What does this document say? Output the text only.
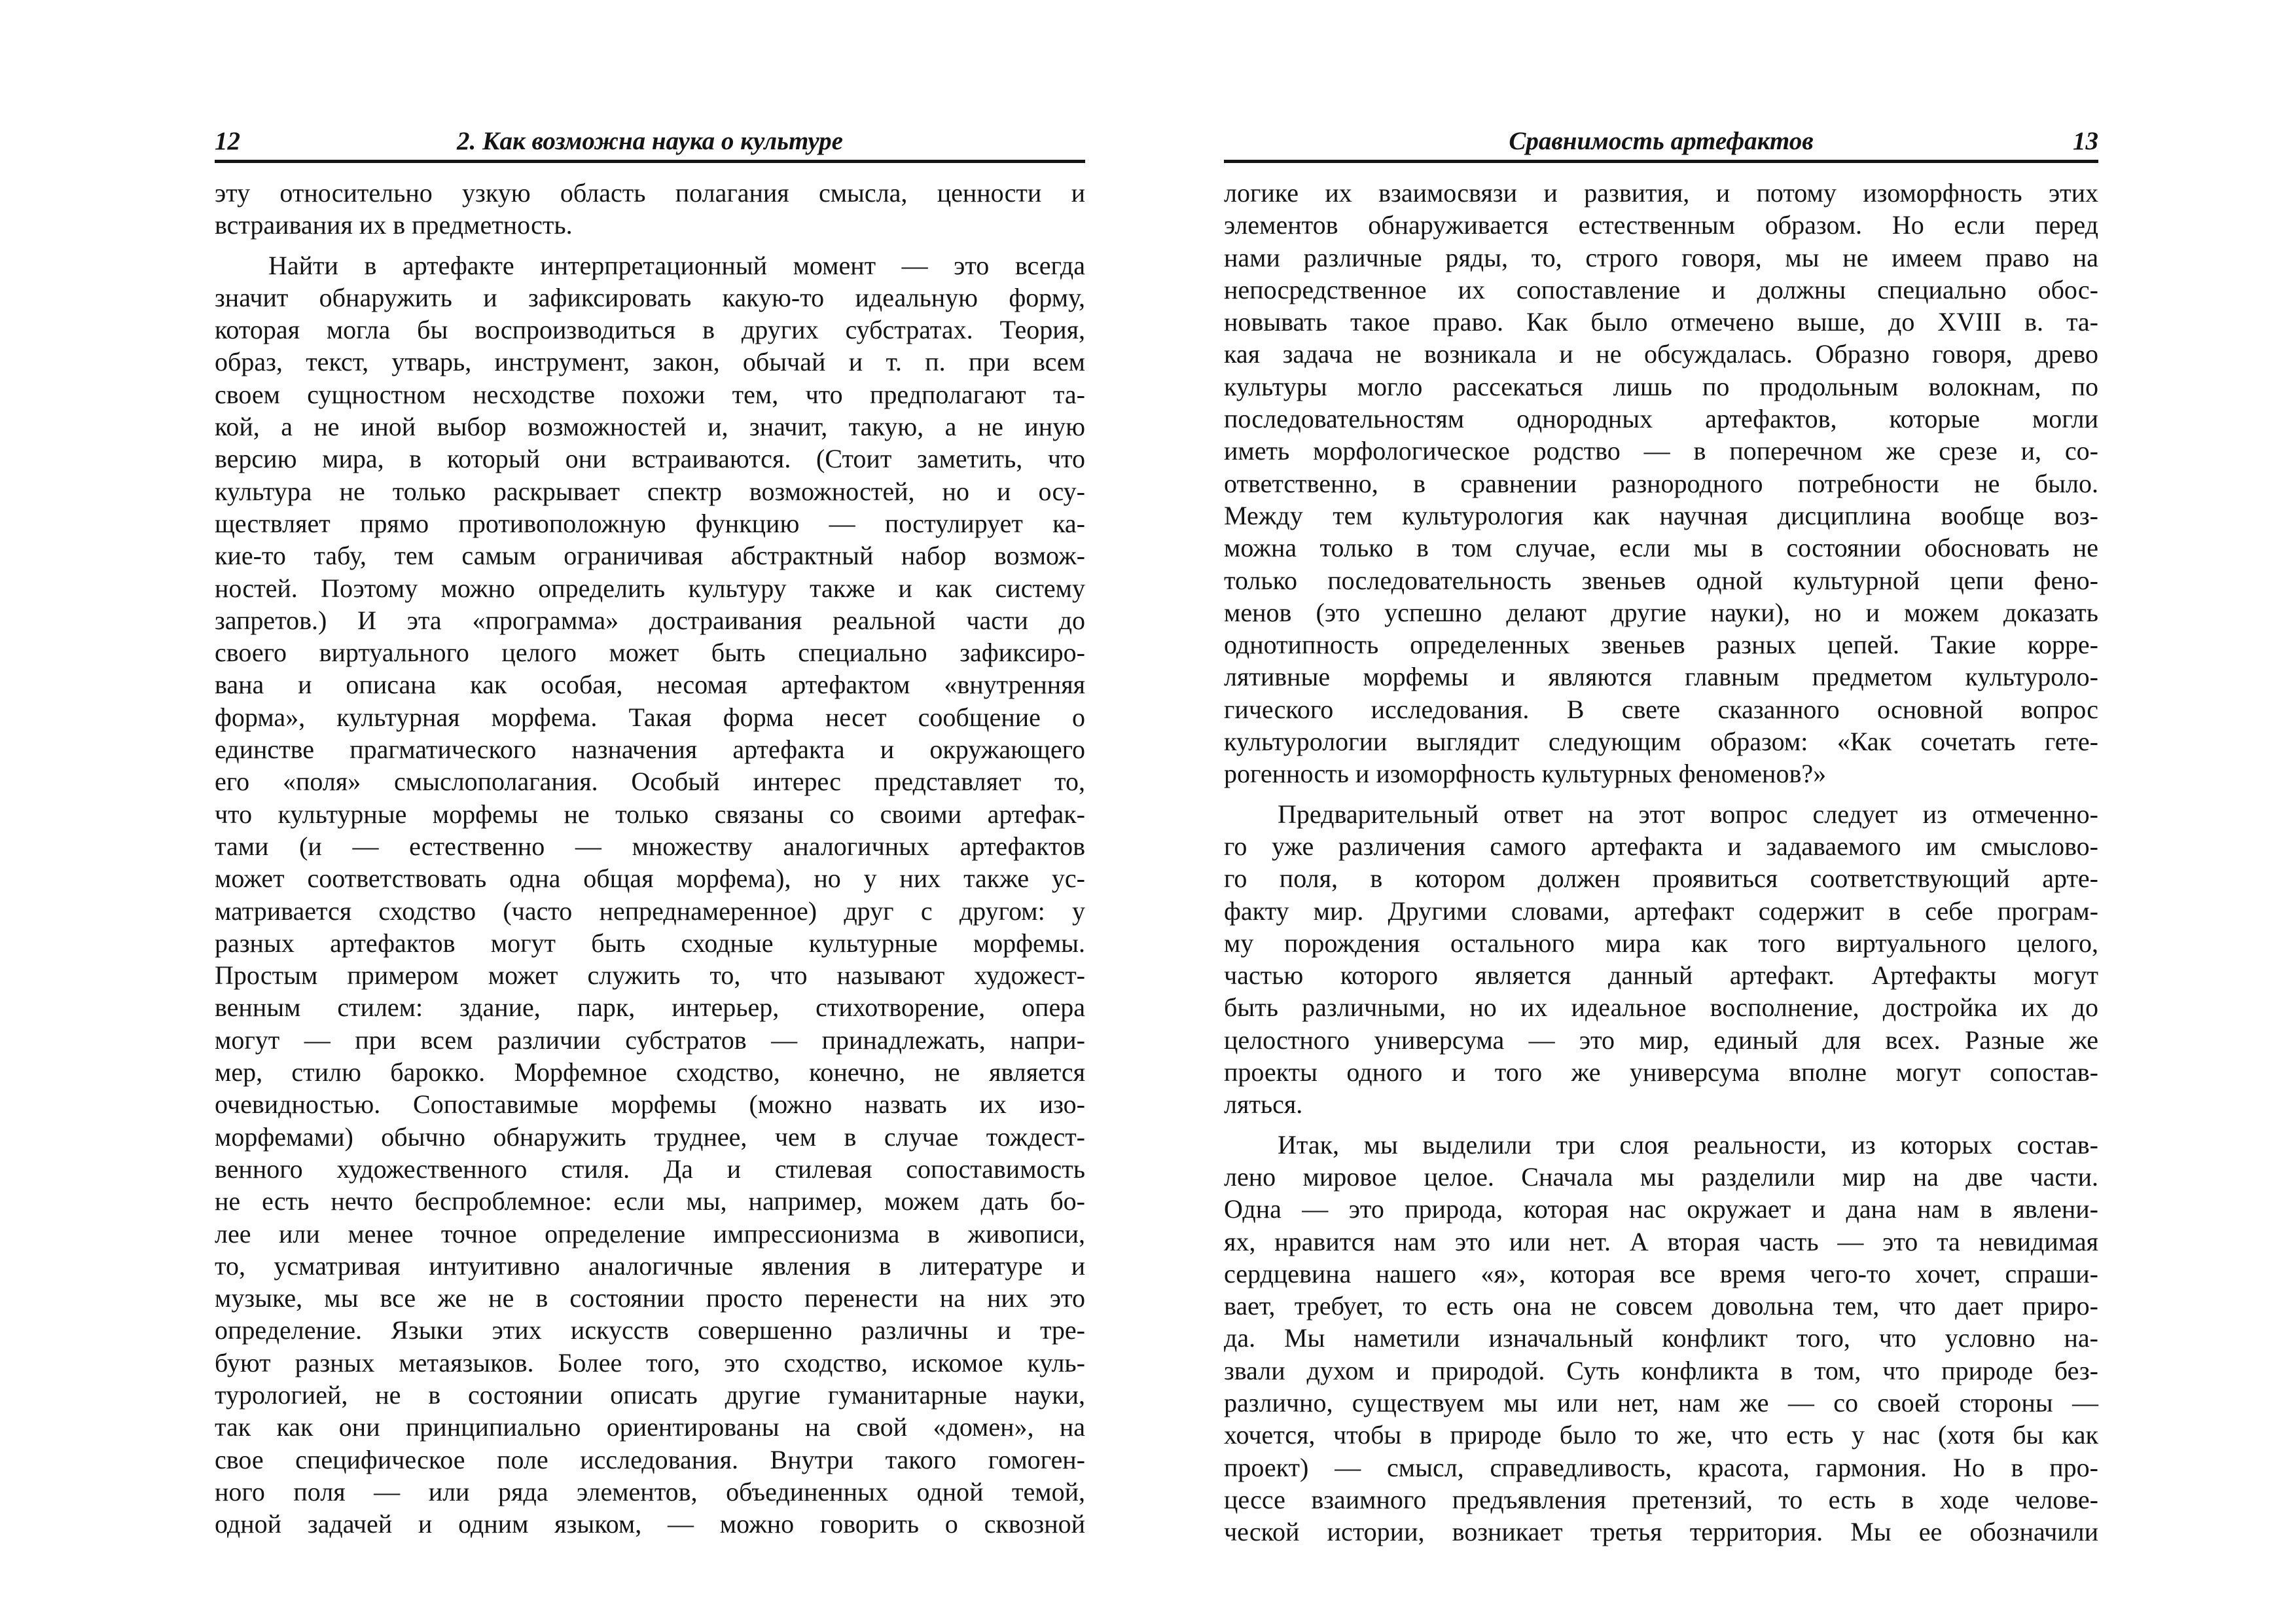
12	2. Как возможна наука о культуре
эту относительно узкую область полагания смысла, ценности и
встраивания их в предметность.
Найти в артефакте интерпретационный момент — это всегда
значит обнаружить и зафиксировать какую-то идеальную форму,
которая могла бы воспроизводиться в других субстратах. Теория,
образ, текст, утварь, инструмент, закон, обычай и т. п. при всем
своем сущностном несходстве похожи тем, что предполагают та-
кой, а не иной выбор возможностей и, значит, такую, а не иную
версию мира, в который они встраиваются. (Стоит заметить, что
культура не только раскрывает спектр возможностей, но и осу-
ществляет прямо противоположную функцию — постулирует ка-
кие-то табу, тем самым ограничивая абстрактный набор возмож-
ностей. Поэтому можно определить культуру также и как систему
запретов.) И эта «программа» достраивания реальной части до
своего виртуального целого может быть специально зафиксиро-
вана и описана как особая, несомая артефактом «внутренняя
форма», культурная морфема. Такая форма несет сообщение о
единстве прагматического назначения артефакта и окружающего
его «поля» смыслополагания. Особый интерес представляет то,
что культурные морфемы не только связаны со своими артефак-
тами (и — естественно — множеству аналогичных артефактов
может соответствовать одна общая морфема), но у них также ус-
матривается сходство (часто непреднамеренное) друг с другом: у
разных артефактов могут быть сходные культурные морфемы.
Простым примером может служить то, что называют художест-
венным стилем: здание, парк, интерьер, стихотворение, опера
могут — при всем различии субстратов — принадлежать, напри-
мер, стилю барокко. Морфемное сходство, конечно, не является
очевидностью. Сопоставимые морфемы (можно назвать их изо-
морфемами) обычно обнаружить труднее, чем в случае тождест-
венного художественного стиля. Да и стилевая сопоставимость
не есть нечто беспроблемное: если мы, например, можем дать бо-
лее или менее точное определение импрессионизма в живописи,
то, усматривая интуитивно аналогичные явления в литературе и
музыке, мы все же не в состоянии просто перенести на них это
определение. Языки этих искусств совершенно различны и тре-
буют разных метаязыков. Более того, это сходство, искомое куль-
турологией, не в состоянии описать другие гуманитарные науки,
так как они принципиально ориентированы на свой «домен», на
свое специфическое поле исследования. Внутри такого гомоген-
ного поля — или ряда элементов, объединенных одной темой,
одной задачей и одним языком, — можно говорить о сквозной
Сравнимость артефактов	13
логике их взаимосвязи и развития, и потому изоморфность этих
элементов обнаруживается естественным образом. Но если перед
нами различные ряды, то, строго говоря, мы не имеем право на
непосредственное их сопоставление и должны специально обос-
новывать такое право. Как было отмечено выше, до XVIII в. та-
кая задача не возникала и не обсуждалась. Образно говоря, древо
культуры могло рассекаться лишь по продольным волокнам, по
последовательностям однородных артефактов, которые могли
иметь морфологическое родство — в поперечном же срезе и, со-
ответственно, в сравнении разнородного потребности не было.
Между тем культурология как научная дисциплина вообще воз-
можна только в том случае, если мы в состоянии обосновать не
только последовательность звеньев одной культурной цепи фено-
менов (это успешно делают другие науки), но и можем доказать
однотипность определенных звеньев разных цепей. Такие корре-
лятивные морфемы и являются главным предметом культуроло-
гического исследования. В свете сказанного основной вопрос
культурологии выглядит следующим образом: «Как сочетать гете-
рогенность и изоморфность культурных феноменов?»
Предварительный ответ на этот вопрос следует из отмеченно-
го уже различения самого артефакта и задаваемого им смыслово-
го поля, в котором должен проявиться соответствующий арте-
факту мир. Другими словами, артефакт содержит в себе програм-
му порождения остального мира как того виртуального целого,
частью которого является данный артефакт. Артефакты могут
быть различными, но их идеальное восполнение, достройка их до
целостного универсума — это мир, единый для всех. Разные же
проекты одного и того же универсума вполне могут сопостав-
ляться.
Итак, мы выделили три слоя реальности, из которых состав-
лено мировое целое. Сначала мы разделили мир на две части.
Одна — это природа, которая нас окружает и дана нам в явлени-
ях, нравится нам это или нет. А вторая часть — это та невидимая
сердцевина нашего «я», которая все время чего-то хочет, спраши-
вает, требует, то есть она не совсем довольна тем, что дает приро-
да. Мы наметили изначальный конфликт того, что условно на-
звали духом и природой. Суть конфликта в том, что природе без-
различно, существуем мы или нет, нам же — со своей стороны —
хочется, чтобы в природе было то же, что есть у нас (хотя бы как
проект) — смысл, справедливость, красота, гармония. Но в про-
цессе взаимного предъявления претензий, то есть в ходе челове-
ческой истории, возникает третья территория. Мы ее обозначили
